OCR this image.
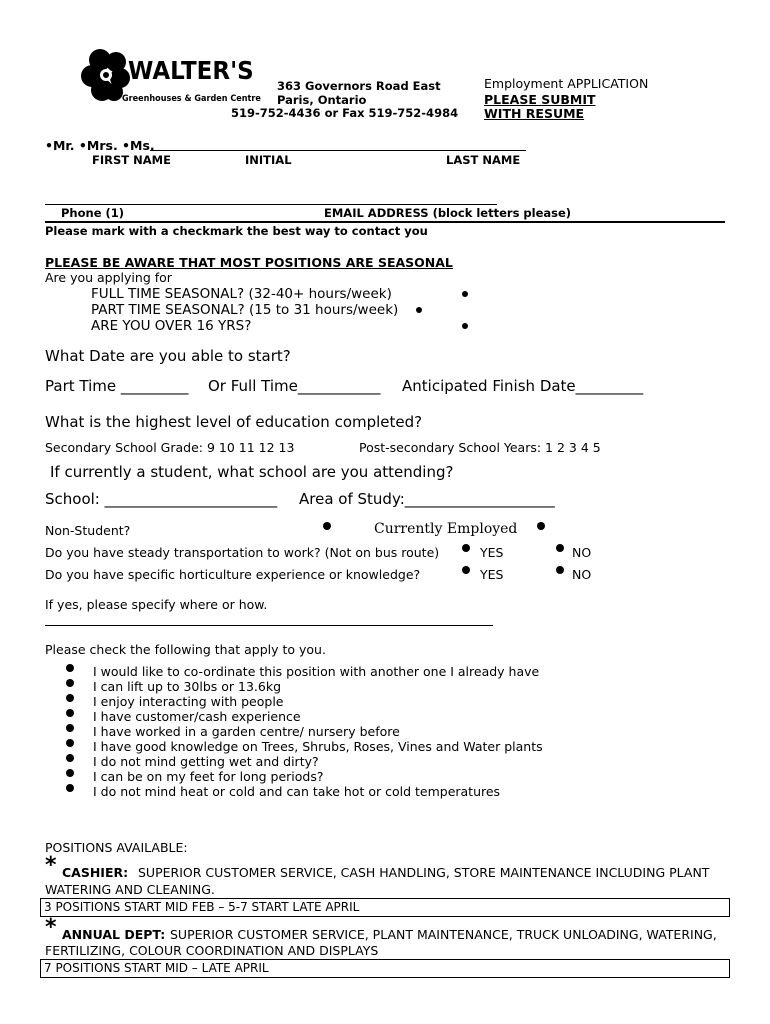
WALTER'S
Greenhouses & Garden Centre
363 Governors Road East
Paris, Ontario
519-752-4436 or Fax 519-752-4984
Employment APPLICATION
PLEASE SUBMIT
WITH RESUME
•Mr. •Mrs. •Ms.
FIRST NAME	INITIAL	LAST NAME
Phone (1)	EMAIL ADDRESS (block letters please)
Please mark with a checkmark the best way to contact you
PLEASE BE AWARE THAT MOST POSITIONS ARE SEASONAL
Are you applying for
FULL TIME SEASONAL? (32-40+ hours/week)
PART TIME SEASONAL? (15 to 31 hours/week)
ARE YOU OVER 16 YRS?
What Date are you able to start?
Part Time _________ Or Full Time___________ Anticipated Finish Date_________
What is the highest level of education completed?
Secondary School Grade: 9 10 11 12 13	Post-secondary School Years: 1 2 3 4 5
If currently a student, what school are you attending?
School: _______________________ Area of Study:____________________
Non-Student?	Currently Employed
Do you have steady transportation to work? (Not on bus route)	YES	NO
Do you have specific horticulture experience or knowledge?	YES	NO
If yes, please specify where or how.
Please check the following that apply to you.
I would like to co-ordinate this position with another one I already have
I can lift up to 30lbs or 13.6kg
I enjoy interacting with people
I have customer/cash experience
I have worked in a garden centre/ nursery before
I have good knowledge on Trees, Shrubs, Roses, Vines and Water plants
I do not mind getting wet and dirty?
I can be on my feet for long periods?
I do not mind heat or cold and can take hot or cold temperatures
POSITIONS AVAILABLE:
* CASHIER: SUPERIOR CUSTOMER SERVICE, CASH HANDLING, STORE MAINTENANCE INCLUDING PLANT
WATERING AND CLEANING.
3 POSITIONS START MID FEB – 5-7 START LATE APRIL
* ANNUAL DEPT: SUPERIOR CUSTOMER SERVICE, PLANT MAINTENANCE, TRUCK UNLOADING, WATERING,
FERTILIZING, COLOUR COORDINATION AND DISPLAYS
7 POSITIONS START MID – LATE APRIL
